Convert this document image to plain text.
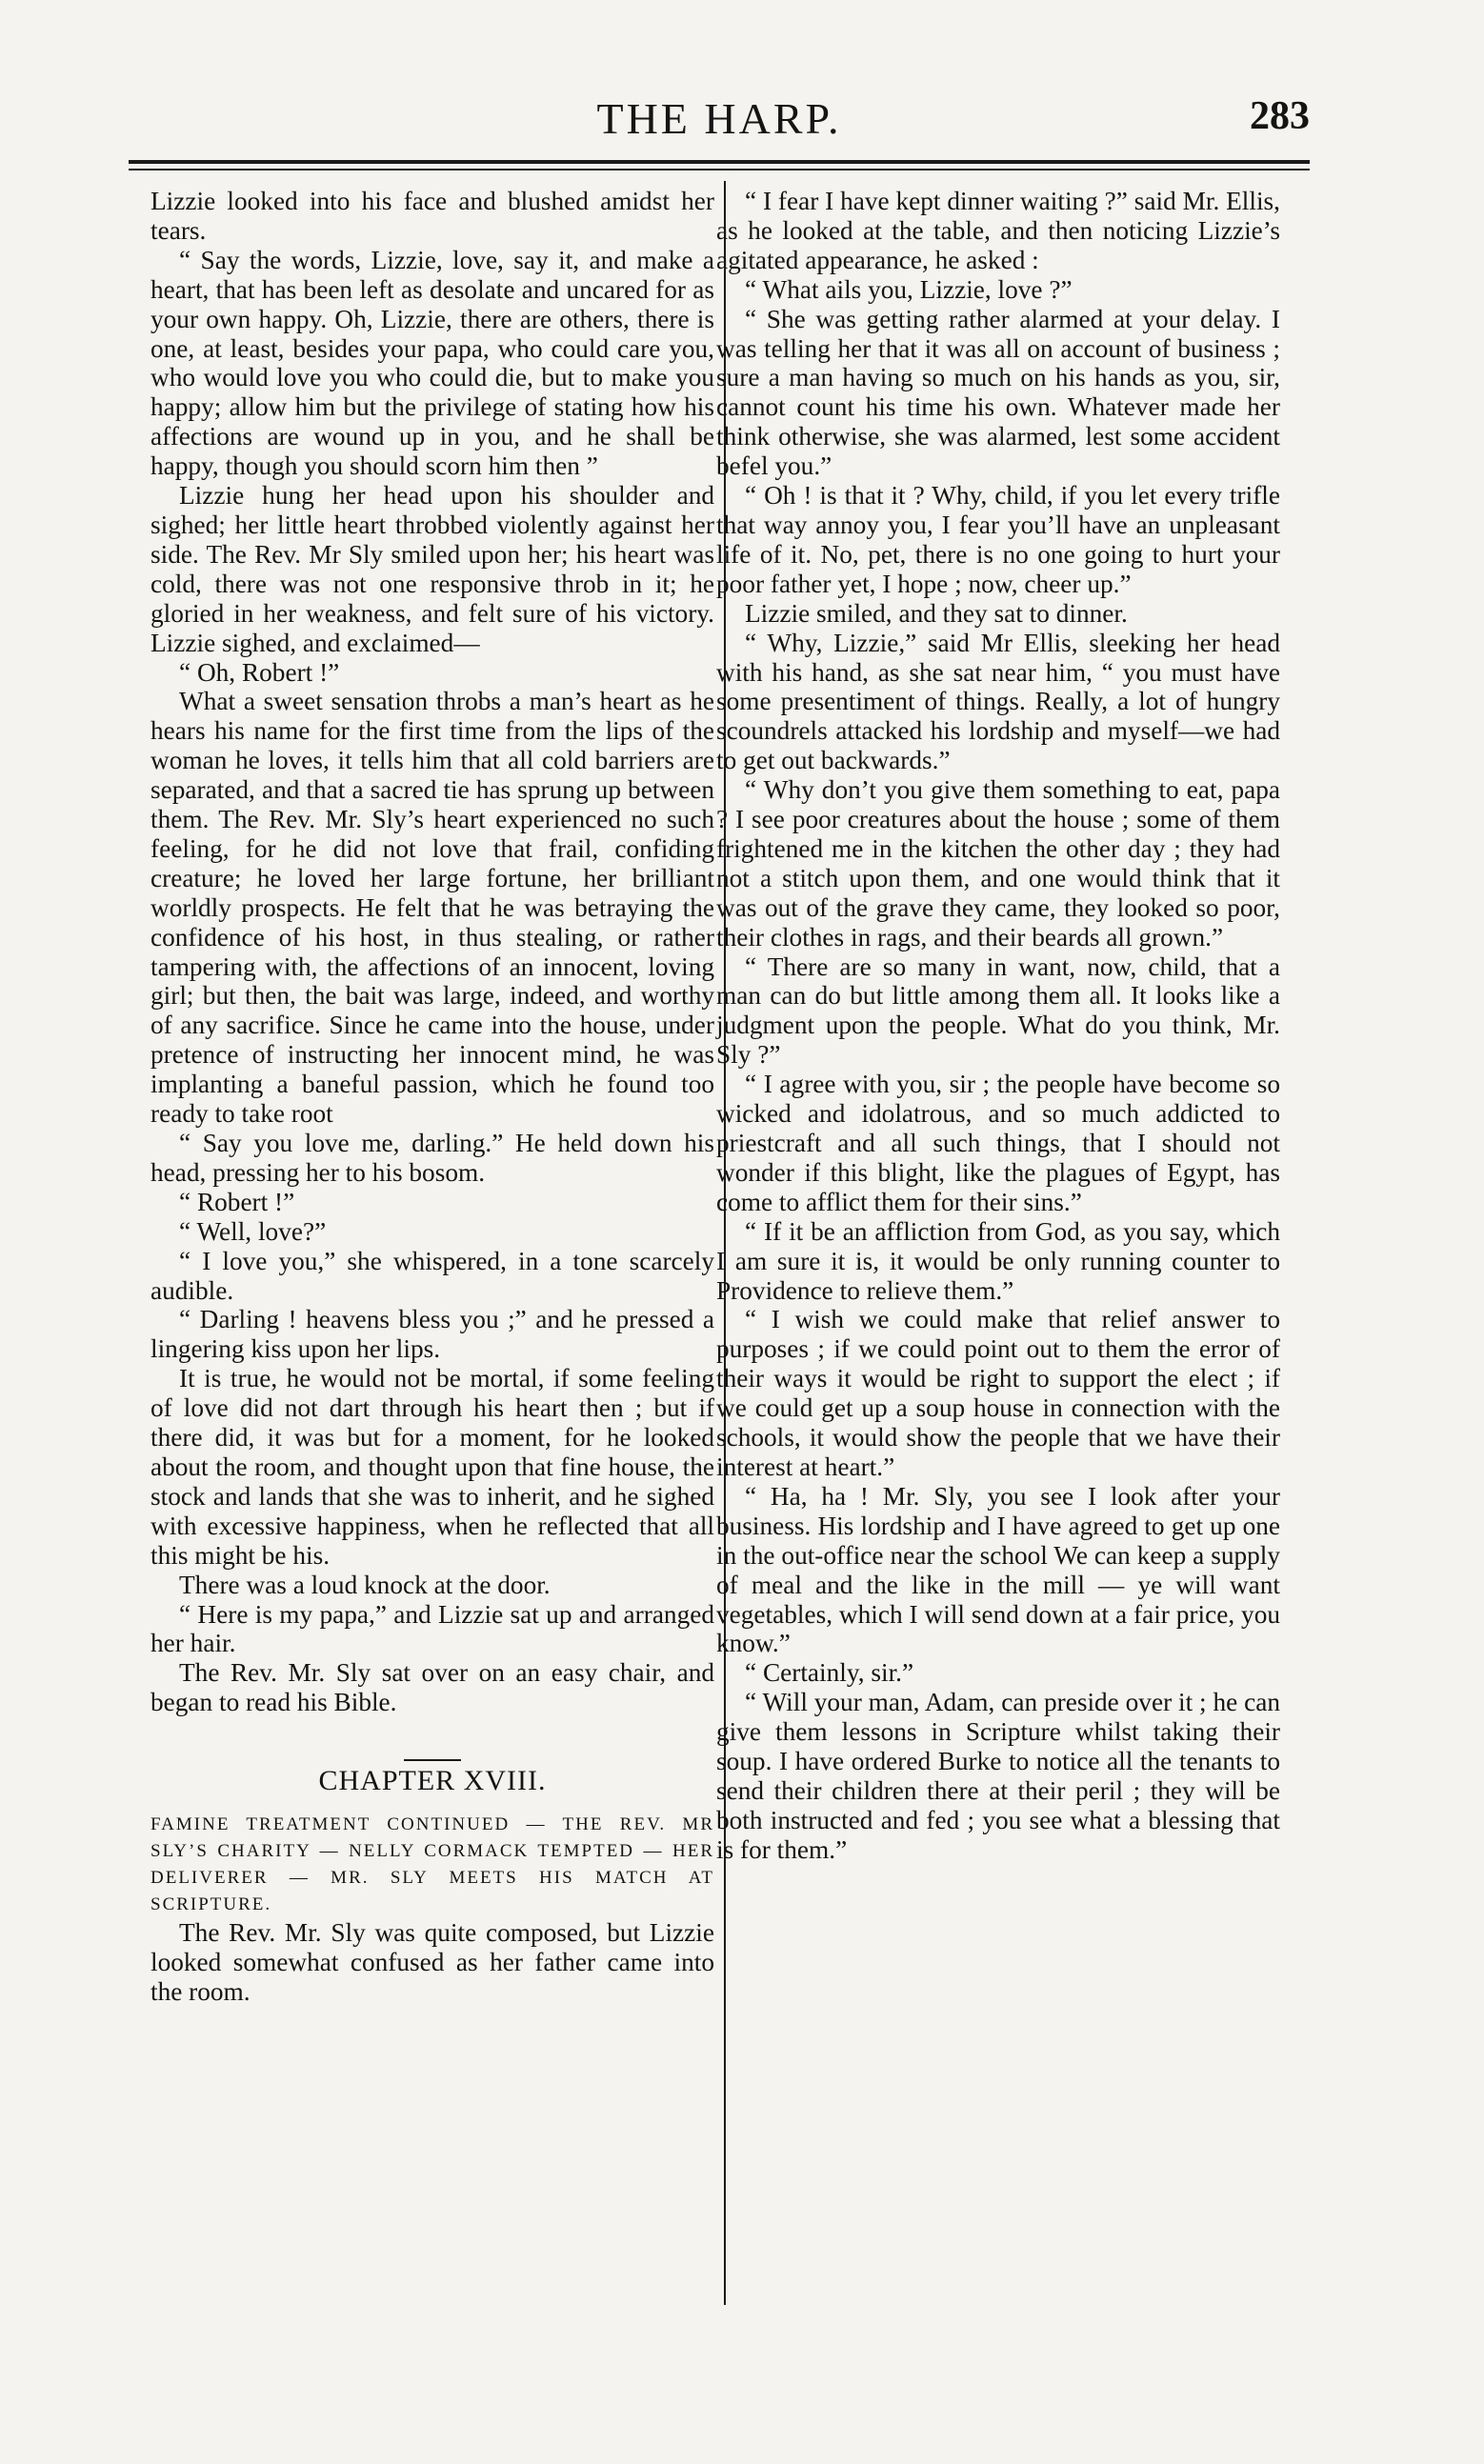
THE HARP.	283

Lizzie looked into his face and blushed amidst her tears.

“ Say the words, Lizzie, love, say it, and make a heart, that has been left as desolate and uncared for as your own happy. Oh, Lizzie, there are others, there is one, at least, besides your papa, who could care you, who would love you who could die, but to make you happy; allow him but the privilege of stating how his affections are wound up in you, and he shall be happy, though you should scorn him then ”

Lizzie hung her head upon his shoulder and sighed; her little heart throbbed violently against her side. The Rev. Mr Sly smiled upon her; his heart was cold, there was not one responsive throb in it; he gloried in her weakness, and felt sure of his victory. Lizzie sighed, and exclaimed—

“ Oh, Robert !”

What a sweet sensation throbs a man’s heart as he hears his name for the first time from the lips of the woman he loves, it tells him that all cold barriers are separated, and that a sacred tie has sprung up between them. The Rev. Mr. Sly’s heart experienced no such feeling, for he did not love that frail, confiding creature; he loved her large fortune, her brilliant worldly prospects. He felt that he was betraying the confidence of his host, in thus stealing, or rather tampering with, the affections of an innocent, loving girl; but then, the bait was large, indeed, and worthy of any sacrifice. Since he came into the house, under pretence of instructing her innocent mind, he was implanting a baneful passion, which he found too ready to take root

“ Say you love me, darling.” He held down his head, pressing her to his bosom.

“ Robert !”

“ Well, love?”

“ I love you,” she whispered, in a tone scarcely audible.

“ Darling ! heavens bless you ;” and he pressed a lingering kiss upon her lips.

It is true, he would not be mortal, if some feeling of love did not dart through his heart then ; but if there did, it was but for a moment, for he looked about the room, and thought upon that fine house, the stock and lands that she was to inherit, and he sighed with excessive happiness, when he reflected that all this might be his.

There was a loud knock at the door.

“ Here is my papa,” and Lizzie sat up and arranged her hair.

The Rev. Mr. Sly sat over on an easy chair, and began to read his Bible.

CHAPTER XVIII.

FAMINE TREATMENT CONTINUED — THE REV. MR SLY’S CHARITY — NELLY CORMACK TEMPTED — HER DELIVERER — MR. SLY MEETS HIS MATCH AT SCRIPTURE.

The Rev. Mr. Sly was quite composed, but Lizzie looked somewhat confused as her father came into the room.

“ I fear I have kept dinner waiting ?” said Mr. Ellis, as he looked at the table, and then noticing Lizzie’s agitated appearance, he asked :

“ What ails you, Lizzie, love ?”

“ She was getting rather alarmed at your delay. I was telling her that it was all on account of business ; sure a man having so much on his hands as you, sir, cannot count his time his own. Whatever made her think otherwise, she was alarmed, lest some accident befel you.”

“ Oh ! is that it ? Why, child, if you let every trifle that way annoy you, I fear you’ll have an unpleasant life of it. No, pet, there is no one going to hurt your poor father yet, I hope ; now, cheer up.”

Lizzie smiled, and they sat to dinner.

“ Why, Lizzie,” said Mr Ellis, sleeking her head with his hand, as she sat near him, “ you must have some presentiment of things. Really, a lot of hungry scoundrels attacked his lordship and myself—we had to get out backwards.”

“ Why don’t you give them something to eat, papa ? I see poor creatures about the house ; some of them frightened me in the kitchen the other day ; they had not a stitch upon them, and one would think that it was out of the grave they came, they looked so poor, their clothes in rags, and their beards all grown.”

“ There are so many in want, now, child, that a man can do but little among them all. It looks like a judgment upon the people. What do you think, Mr. Sly ?”

“ I agree with you, sir ; the people have become so wicked and idolatrous, and so much addicted to priestcraft and all such things, that I should not wonder if this blight, like the plagues of Egypt, has come to afflict them for their sins.”

“ If it be an affliction from God, as you say, which I am sure it is, it would be only running counter to Providence to relieve them.”

“ I wish we could make that relief answer to purposes ; if we could point out to them the error of their ways it would be right to support the elect ; if we could get up a soup house in connection with the schools, it would show the people that we have their interest at heart.”

“ Ha, ha ! Mr. Sly, you see I look after your business. His lordship and I have agreed to get up one in the out-office near the school We can keep a supply of meal and the like in the mill — ye will want vegetables, which I will send down at a fair price, you know.”

“ Certainly, sir.”

“ Will your man, Adam, can preside over it ; he can give them lessons in Scripture whilst taking their soup. I have ordered Burke to notice all the tenants to send their children there at their peril ; they will be both instructed and fed ; you see what a blessing that is for them.”
